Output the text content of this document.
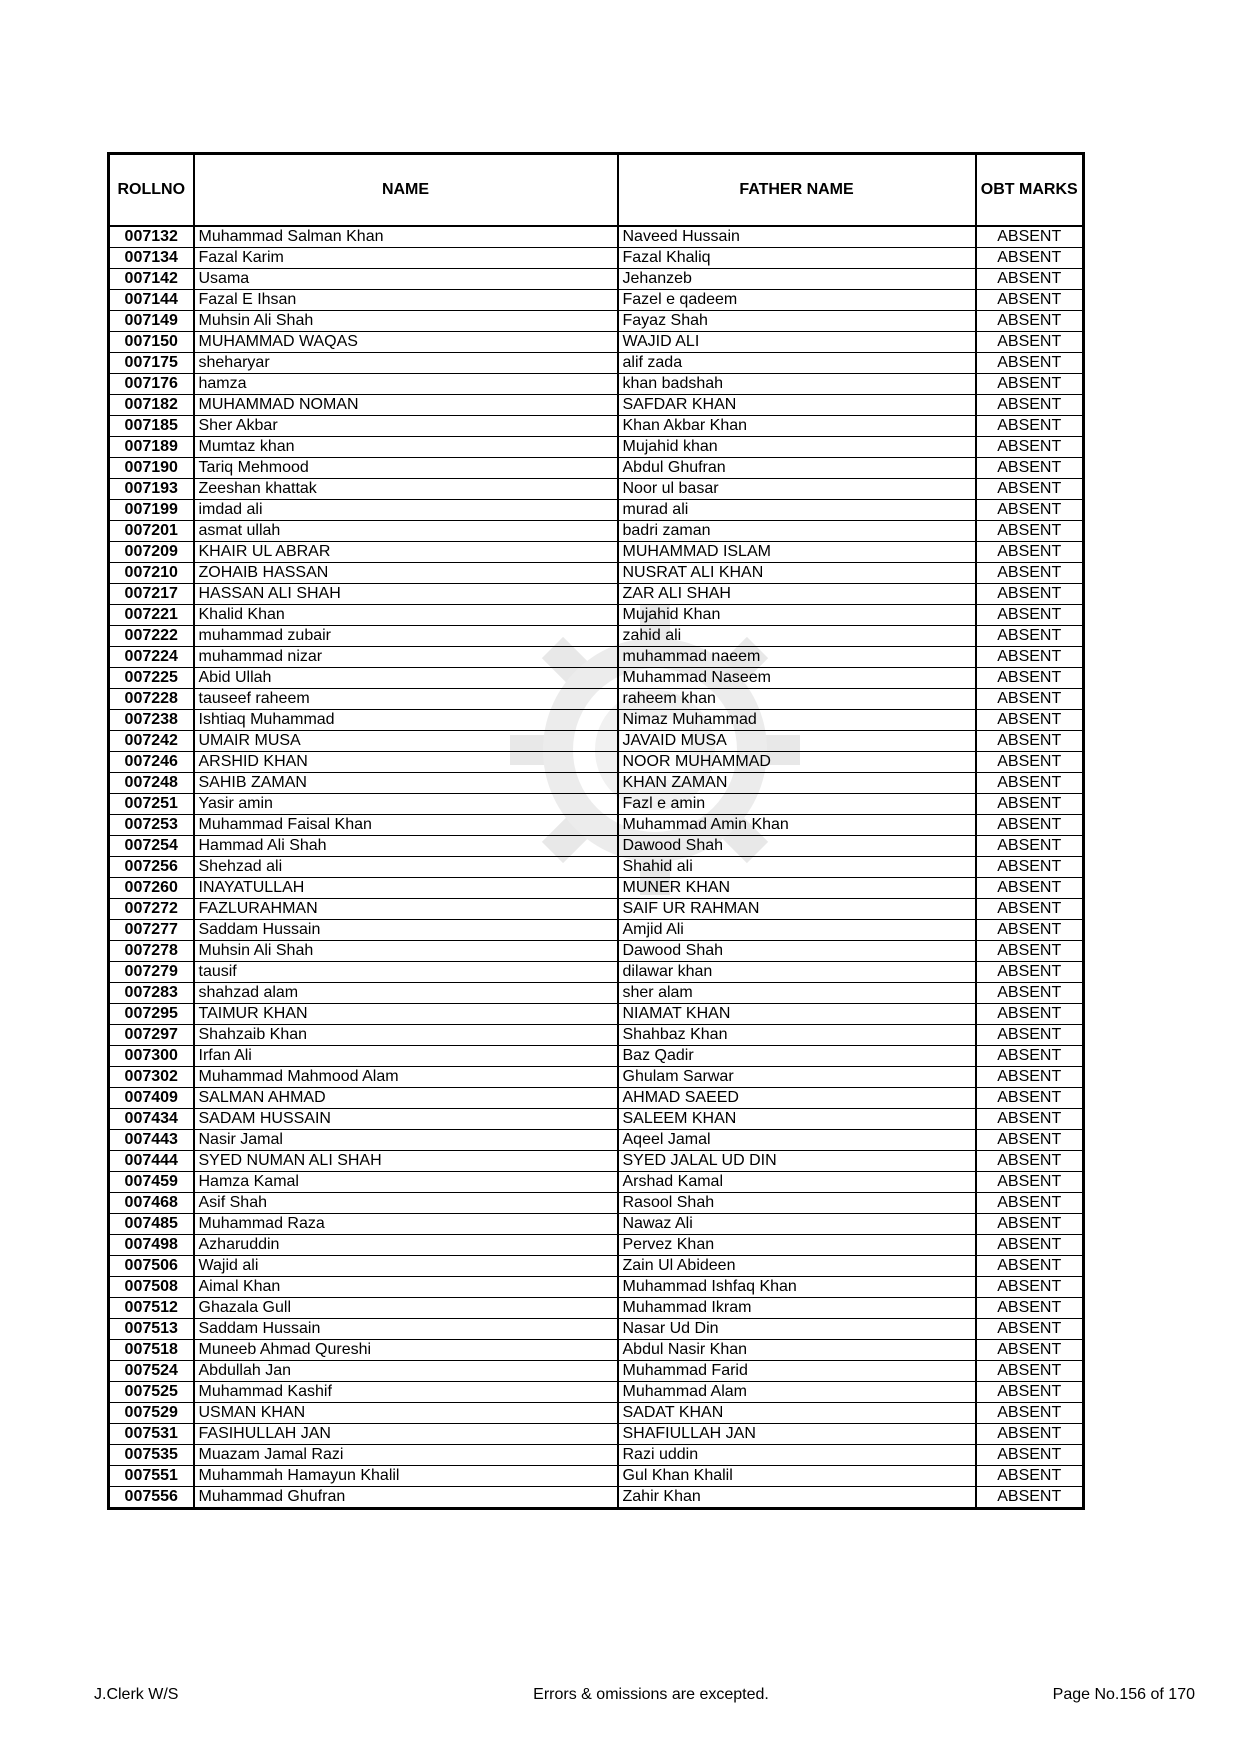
ROLLNO	NAME	FATHER NAME	OBT MARKS
007132	Muhammad Salman Khan	Naveed Hussain	ABSENT
007134	Fazal Karim	Fazal Khaliq	ABSENT
007142	Usama	Jehanzeb	ABSENT
007144	Fazal E Ihsan	Fazel e qadeem	ABSENT
007149	Muhsin Ali Shah	Fayaz Shah	ABSENT
007150	MUHAMMAD WAQAS	WAJID ALI	ABSENT
007175	sheharyar	alif zada	ABSENT
007176	hamza	khan badshah	ABSENT
007182	MUHAMMAD NOMAN	SAFDAR KHAN	ABSENT
007185	Sher Akbar	Khan Akbar Khan	ABSENT
007189	Mumtaz khan	Mujahid khan	ABSENT
007190	Tariq Mehmood	Abdul Ghufran	ABSENT
007193	Zeeshan khattak	Noor ul basar	ABSENT
007199	imdad ali	murad ali	ABSENT
007201	asmat ullah	badri zaman	ABSENT
007209	KHAIR UL ABRAR	MUHAMMAD ISLAM	ABSENT
007210	ZOHAIB HASSAN	NUSRAT ALI KHAN	ABSENT
007217	HASSAN ALI SHAH	ZAR ALI SHAH	ABSENT
007221	Khalid Khan	Mujahid Khan	ABSENT
007222	muhammad zubair	zahid ali	ABSENT
007224	muhammad nizar	muhammad naeem	ABSENT
007225	Abid Ullah	Muhammad Naseem	ABSENT
007228	tauseef raheem	raheem khan	ABSENT
007238	Ishtiaq Muhammad	Nimaz Muhammad	ABSENT
007242	UMAIR MUSA	JAVAID MUSA	ABSENT
007246	ARSHID KHAN	NOOR MUHAMMAD	ABSENT
007248	SAHIB ZAMAN	KHAN ZAMAN	ABSENT
007251	Yasir amin	Fazl e amin	ABSENT
007253	Muhammad Faisal Khan	Muhammad Amin Khan	ABSENT
007254	Hammad Ali Shah	Dawood Shah	ABSENT
007256	Shehzad ali	Shahid ali	ABSENT
007260	INAYATULLAH	MUNER KHAN	ABSENT
007272	FAZLURAHMAN	SAIF UR RAHMAN	ABSENT
007277	Saddam Hussain	Amjid Ali	ABSENT
007278	Muhsin Ali Shah	Dawood Shah	ABSENT
007279	tausif	dilawar khan	ABSENT
007283	shahzad alam	sher alam	ABSENT
007295	TAIMUR KHAN	NIAMAT KHAN	ABSENT
007297	Shahzaib Khan	Shahbaz Khan	ABSENT
007300	Irfan Ali	Baz Qadir	ABSENT
007302	Muhammad Mahmood Alam	Ghulam Sarwar	ABSENT
007409	SALMAN AHMAD	AHMAD SAEED	ABSENT
007434	SADAM HUSSAIN	SALEEM KHAN	ABSENT
007443	Nasir Jamal	Aqeel Jamal	ABSENT
007444	SYED NUMAN ALI SHAH	SYED JALAL UD DIN	ABSENT
007459	Hamza Kamal	Arshad Kamal	ABSENT
007468	Asif Shah	Rasool Shah	ABSENT
007485	Muhammad Raza	Nawaz Ali	ABSENT
007498	Azharuddin	Pervez Khan	ABSENT
007506	Wajid ali	Zain Ul Abideen	ABSENT
007508	Aimal Khan	Muhammad Ishfaq Khan	ABSENT
007512	Ghazala Gull	Muhammad Ikram	ABSENT
007513	Saddam Hussain	Nasar Ud Din	ABSENT
007518	Muneeb Ahmad Qureshi	Abdul Nasir Khan	ABSENT
007524	Abdullah Jan	Muhammad Farid	ABSENT
007525	Muhammad Kashif	Muhammad Alam	ABSENT
007529	USMAN KHAN	SADAT KHAN	ABSENT
007531	FASIHULLAH JAN	SHAFIULLAH JAN	ABSENT
007535	Muazam Jamal Razi	Razi uddin	ABSENT
007551	Muhammah Hamayun Khalil	Gul Khan Khalil	ABSENT
007556	Muhammad Ghufran	Zahir Khan	ABSENT
J.Clerk W/S	Errors & omissions are excepted.	Page No.156 of 170
